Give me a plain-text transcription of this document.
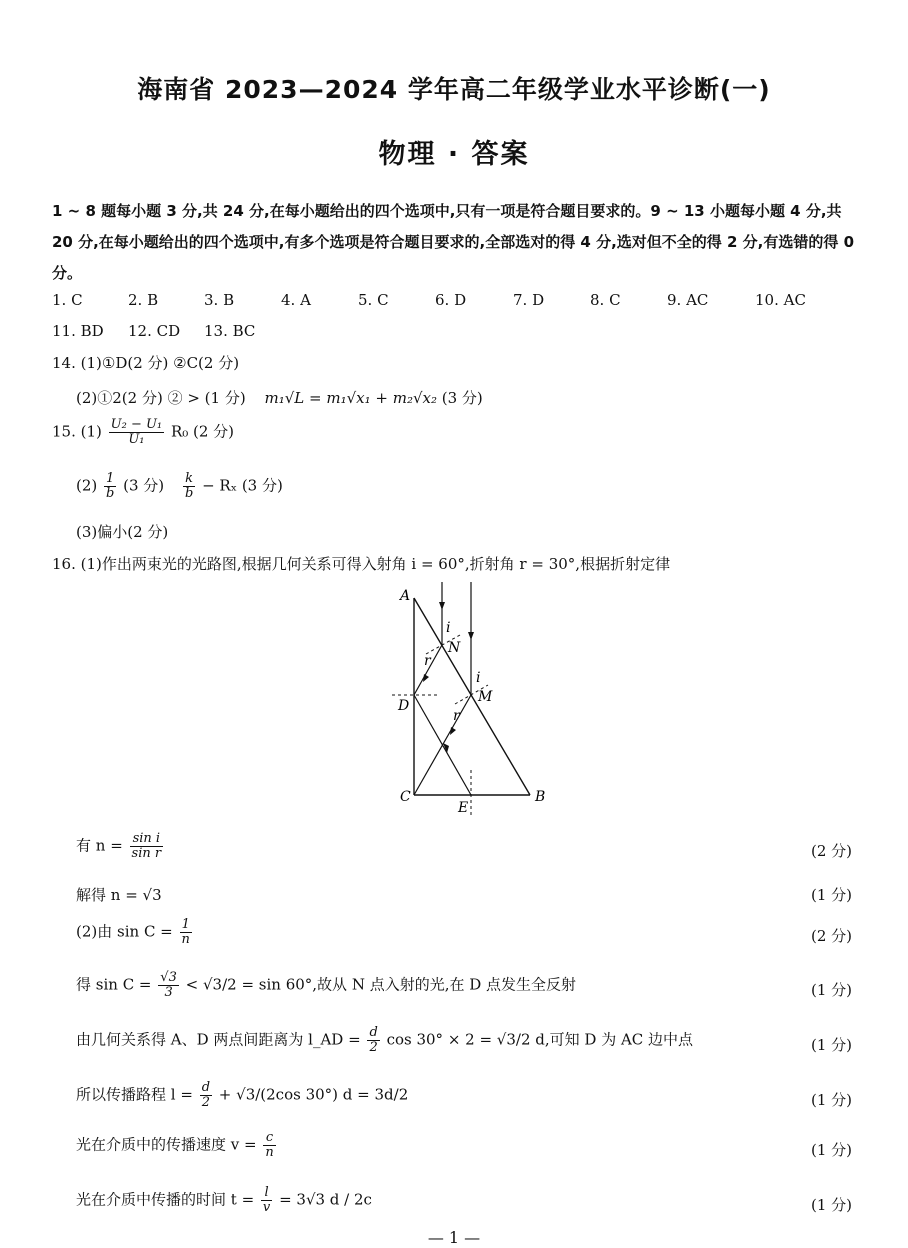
海南省 2023—2024 学年高二年级学业水平诊断(一)
物理 · 答案
1 ~ 8 题每小题 3 分,共 24 分,在每小题给出的四个选项中,只有一项是符合题目要求的。9 ~ 13 小题每小题 4 分,共 20 分,在每小题给出的四个选项中,有多个选项是符合题目要求的,全部选对的得 4 分,选对但不全的得 2 分,有选错的得 0 分。
1. C	2. B	3. B	4. A	5. C	6. D	7. D	8. C	9. AC	10. AC
11. BD 12. CD 13. BC
14. (1)①D(2 分) ②C(2 分)
(2)①2(2 分) ② > (1 分) m₁√L = m₁√x₁ + m₂√x₂ (3 分)
15. $(1) \frac{\text{U₂ − U₁}}{\text{U₁}} R_0$ (2 分)
$(2) \frac{1}{b} (3$ 分) $\frac{k}{b} - R_x$ (3 分)
(3)偏小(2 分)
16. (1)作出两束光的光路图,根据几何关系可得入射角 i = 60°,折射角 r = 30°,根据折射定律
A
B
C
D
E
M
N
i
i
r
r
有 $n = \frac{\text{sin i}}{\text{sin r}}$	(2 分)
解得 n = √3	(1 分)
(2)由 $\sin C = \frac{1}{n}$	(2 分)
得 $\sin C = \frac{√3}{3} < √3/2 = \sin 60^\circ$,故从 N 点入射的光,在 D 点发生全反射	(1 分)
由几何关系得 A、D 两点间距离为 l_AD = $\frac{d}{2}$ cos 30° × 2 = √3/2 d,可知 D 为 AC 边中点	(1 分)
所以传播路程 $l = \frac{d}{2} + √3/(2\cos$ 30°) d = 3d/2	(1 分)
光在介质中的传播速度 $v = \frac{c}{n}$	(1 分)
光在介质中传播的时间 $t = \frac{l}{v} = 3√3$ d / 2c	(1 分)
— 1 —
